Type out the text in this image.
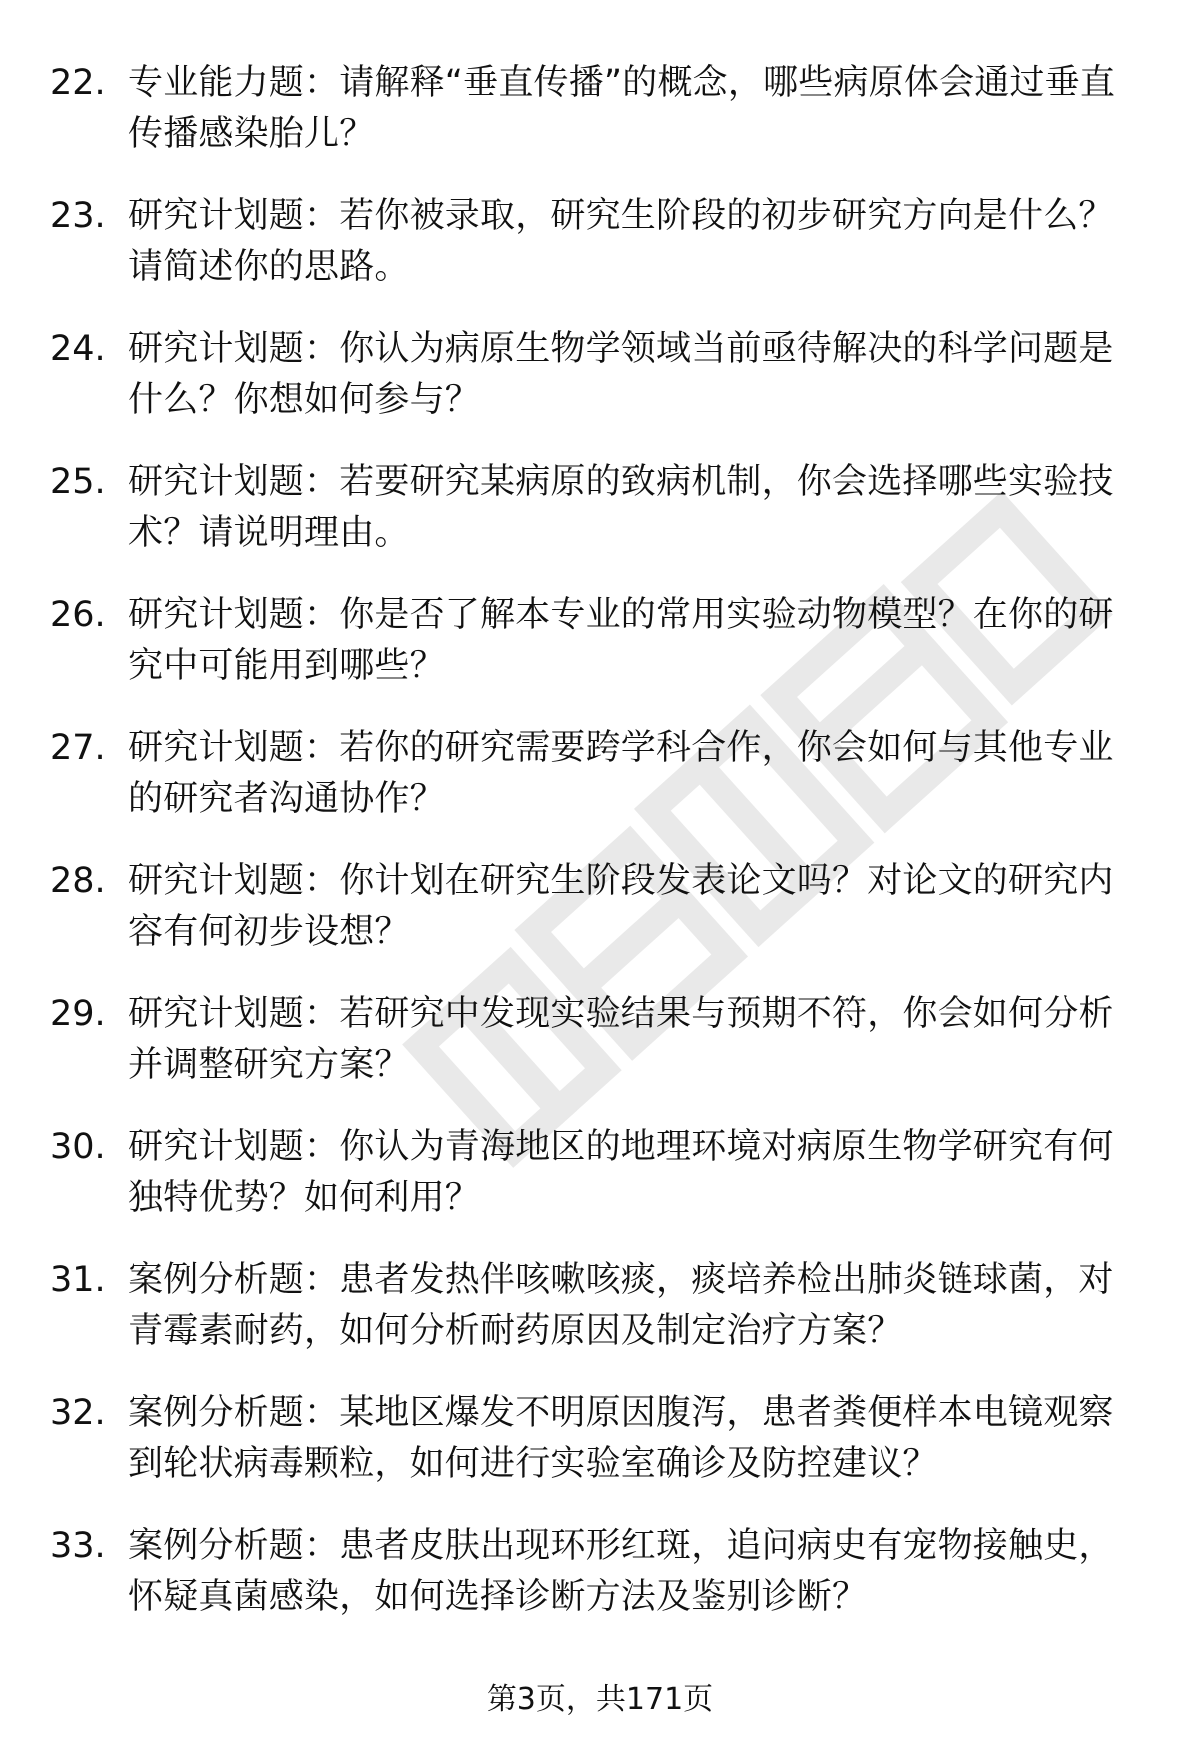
22. 专业能力题：请解释“垂直传播”的概念，哪些病原体会通过垂直传播感染胎儿？
23. 研究计划题：若你被录取，研究生阶段的初步研究方向是什么？请简述你的思路。
24. 研究计划题：你认为病原生物学领域当前亟待解决的科学问题是什么？你想如何参与？
25. 研究计划题：若要研究某病原的致病机制，你会选择哪些实验技术？请说明理由。
26. 研究计划题：你是否了解本专业的常用实验动物模型？在你的研究中可能用到哪些？
27. 研究计划题：若你的研究需要跨学科合作，你会如何与其他专业的研究者沟通协作？
28. 研究计划题：你计划在研究生阶段发表论文吗？对论文的研究内容有何初步设想？
29. 研究计划题：若研究中发现实验结果与预期不符，你会如何分析并调整研究方案？
30. 研究计划题：你认为青海地区的地理环境对病原生物学研究有何独特优势？如何利用？
31. 案例分析题：患者发热伴咳嗽咳痰，痰培养检出肺炎链球菌，对青霉素耐药，如何分析耐药原因及制定治疗方案？
32. 案例分析题：某地区爆发不明原因腹泻，患者粪便样本电镜观察到轮状病毒颗粒，如何进行实验室确诊及防控建议？
33. 案例分析题：患者皮肤出现环形红斑，追问病史有宠物接触史，怀疑真菌感染，如何选择诊断方法及鉴别诊断？
第3页，共171页
